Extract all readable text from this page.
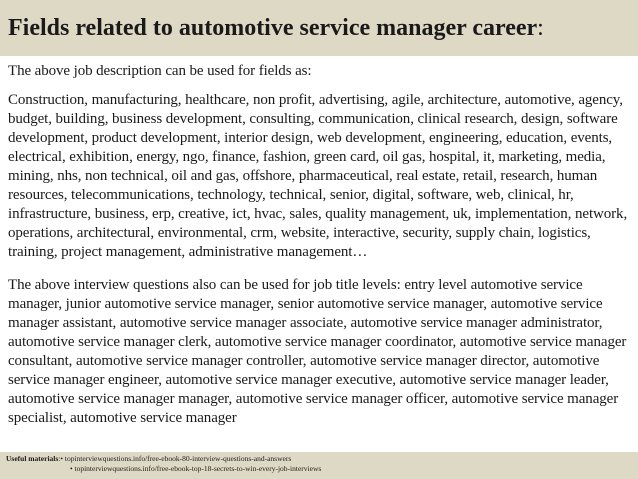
Fields related to automotive service manager career:

The above job description can be used for fields as:

Construction, manufacturing, healthcare, non profit, advertising, agile, architecture, automotive, agency, budget, building, business development, consulting, communication, clinical research, design, software development, product development, interior design, web development, engineering, education, events, electrical, exhibition, energy, ngo, finance, fashion, green card, oil gas, hospital, it, marketing, media, mining, nhs, non technical, oil and gas, offshore, pharmaceutical, real estate, retail, research, human resources, telecommunications, technology, technical, senior, digital, software, web, clinical, hr, infrastructure, business, erp, creative, ict, hvac, sales, quality management, uk, implementation, network, operations, architectural, environmental, crm, website, interactive, security, supply chain, logistics, training, project management, administrative management…

The above interview questions also can be used for job title levels: entry level automotive service manager, junior automotive service manager, senior automotive service manager, automotive service manager assistant, automotive service manager associate, automotive service manager administrator, automotive service manager clerk, automotive service manager coordinator, automotive service manager consultant, automotive service manager controller, automotive service manager director, automotive service manager engineer, automotive service manager executive, automotive service manager leader, automotive service manager manager, automotive service manager officer, automotive service manager specialist, automotive service manager

Useful materials : • topinterviewquestions.info/free-ebook-80-interview-questions-and-answers
• topinterviewquestions.info/free-ebook-top-18-secrets-to-win-every-job-interviews
